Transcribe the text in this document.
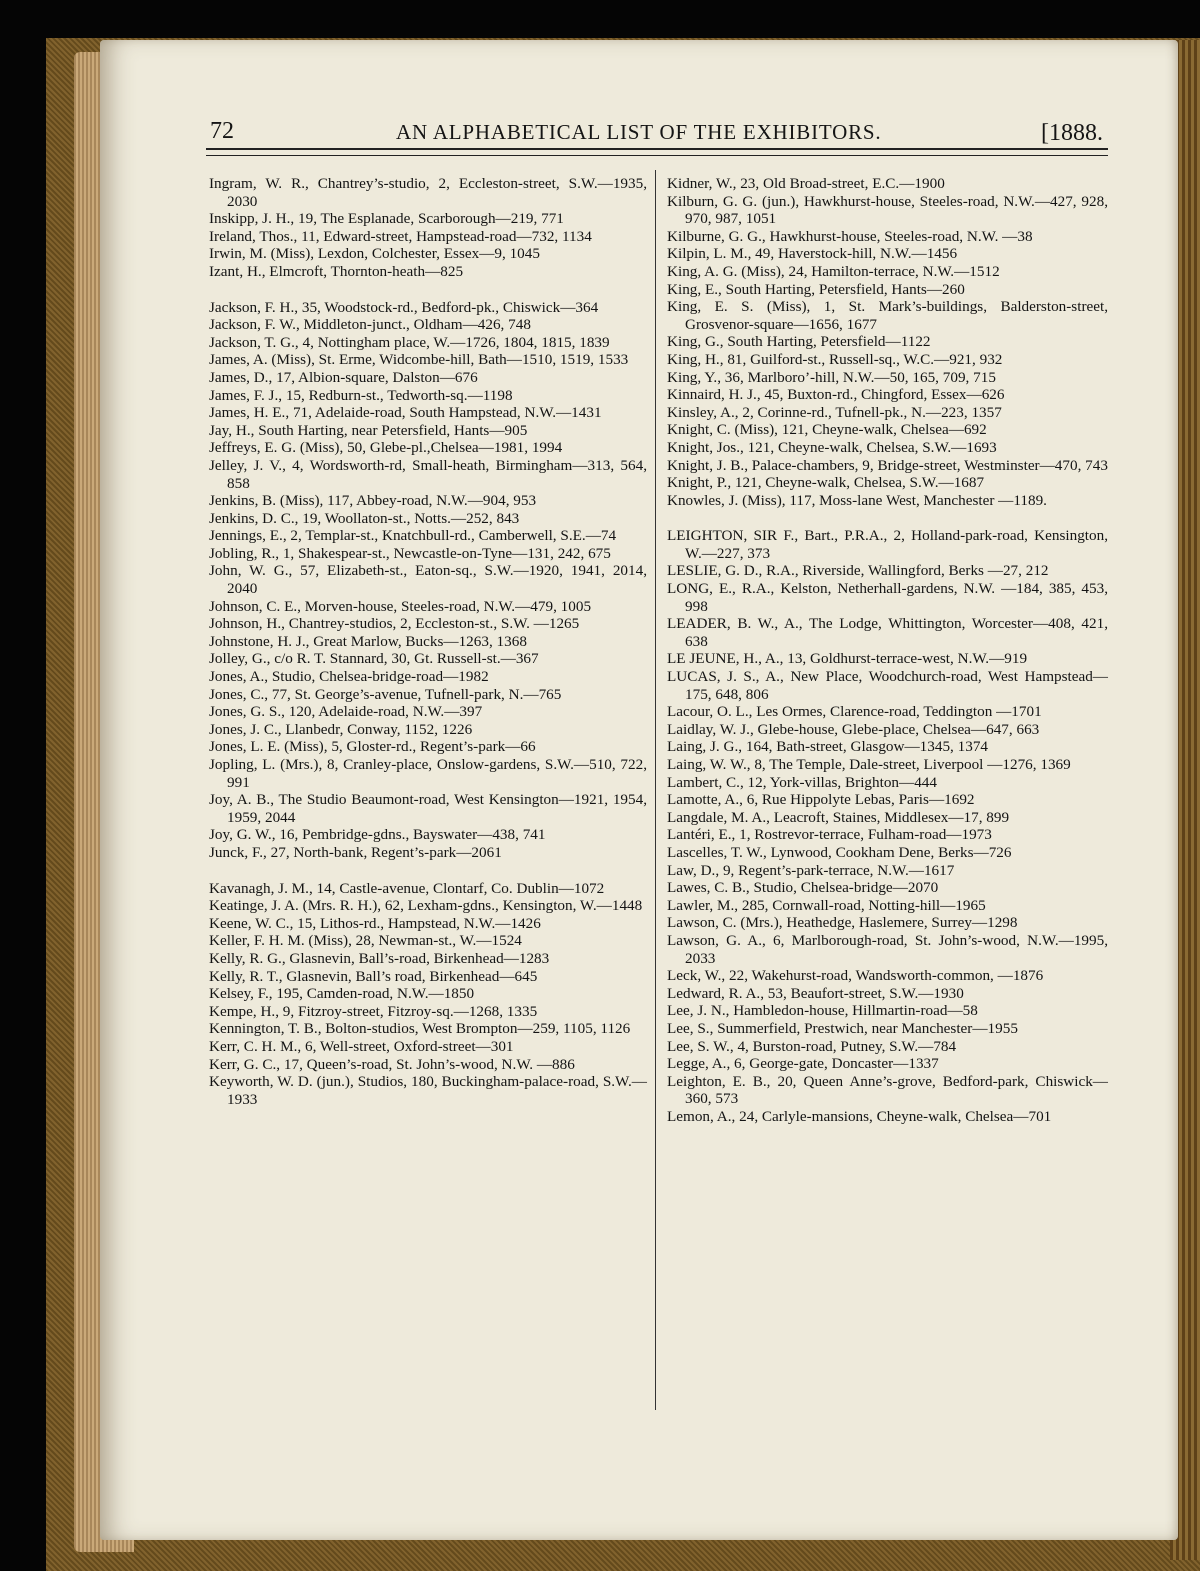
72	AN ALPHABETICAL LIST OF THE EXHIBITORS.	[1888.

Ingram, W. R., Chantrey’s-studio, 2, Eccleston-street, S.W.—1935, 2030

Inskipp, J. H., 19, The Esplanade, Scarborough—219, 771

Ireland, Thos., 11, Edward-street, Hampstead-road—732, 1134

Irwin, M. (Miss), Lexdon, Colchester, Essex—9, 1045

Izant, H., Elmcroft, Thornton-heath—825

Jackson, F. H., 35, Woodstock-rd., Bedford-pk., Chiswick—364

Jackson, F. W., Middleton-junct., Oldham—426, 748

Jackson, T. G., 4, Nottingham place, W.—1726, 1804, 1815, 1839

James, A. (Miss), St. Erme, Widcombe-hill, Bath—1510, 1519, 1533

James, D., 17, Albion-square, Dalston—676

James, F. J., 15, Redburn-st., Tedworth-sq.—1198

James, H. E., 71, Adelaide-road, South Hampstead, N.W.—1431

Jay, H., South Harting, near Petersfield, Hants—905

Jeffreys, E. G. (Miss), 50, Glebe-pl.,Chelsea—1981, 1994

Jelley, J. V., 4, Wordsworth-rd, Small-heath, Birmingham—313, 564, 858

Jenkins, B. (Miss), 117, Abbey-road, N.W.—904, 953

Jenkins, D. C., 19, Woollaton-st., Notts.—252, 843

Jennings, E., 2, Templar-st., Knatchbull-rd., Camberwell, S.E.—74

Jobling, R., 1, Shakespear-st., Newcastle-on-Tyne—131, 242, 675

John, W. G., 57, Elizabeth-st., Eaton-sq., S.W.—1920, 1941, 2014, 2040

Johnson, C. E., Morven-house, Steeles-road, N.W.—479, 1005

Johnson, H., Chantrey-studios, 2, Eccleston-st., S.W. —1265

Johnstone, H. J., Great Marlow, Bucks—1263, 1368

Jolley, G., c/o R. T. Stannard, 30, Gt. Russell-st.—367

Jones, A., Studio, Chelsea-bridge-road—1982

Jones, C., 77, St. George’s-avenue, Tufnell-park, N.—765

Jones, G. S., 120, Adelaide-road, N.W.—397

Jones, J. C., Llanbedr, Conway, 1152, 1226

Jones, L. E. (Miss), 5, Gloster-rd., Regent’s-park—66

Jopling, L. (Mrs.), 8, Cranley-place, Onslow-gardens, S.W.—510, 722, 991

Joy, A. B., The Studio Beaumont-road, West Kensington—1921, 1954, 1959, 2044

Joy, G. W., 16, Pembridge-gdns., Bayswater—438, 741

Junck, F., 27, North-bank, Regent’s-park—2061

Kavanagh, J. M., 14, Castle-avenue, Clontarf, Co. Dublin—1072

Keatinge, J. A. (Mrs. R. H.), 62, Lexham-gdns., Kensington, W.—1448

Keene, W. C., 15, Lithos-rd., Hampstead, N.W.—1426

Keller, F. H. M. (Miss), 28, Newman-st., W.—1524

Kelly, R. G., Glasnevin, Ball’s-road, Birkenhead—1283

Kelly, R. T., Glasnevin, Ball’s road, Birkenhead—645

Kelsey, F., 195, Camden-road, N.W.—1850

Kempe, H., 9, Fitzroy-street, Fitzroy-sq.—1268, 1335

Kennington, T. B., Bolton-studios, West Brompton—259, 1105, 1126

Kerr, C. H. M., 6, Well-street, Oxford-street—301

Kerr, G. C., 17, Queen’s-road, St. John’s-wood, N.W. —886

Keyworth, W. D. (jun.), Studios, 180, Buckingham-palace-road, S.W.—1933

Kidner, W., 23, Old Broad-street, E.C.—1900

Kilburn, G. G. (jun.), Hawkhurst-house, Steeles-road, N.W.—427, 928, 970, 987, 1051

Kilburne, G. G., Hawkhurst-house, Steeles-road, N.W. —38

Kilpin, L. M., 49, Haverstock-hill, N.W.—1456

King, A. G. (Miss), 24, Hamilton-terrace, N.W.—1512

King, E., South Harting, Petersfield, Hants—260

King, E. S. (Miss), 1, St. Mark’s-buildings, Balderston-street, Grosvenor-square—1656, 1677

King, G., South Harting, Petersfield—1122

King, H., 81, Guilford-st., Russell-sq., W.C.—921, 932

King, Y., 36, Marlboro’-hill, N.W.—50, 165, 709, 715

Kinnaird, H. J., 45, Buxton-rd., Chingford, Essex—626

Kinsley, A., 2, Corinne-rd., Tufnell-pk., N.—223, 1357

Knight, C. (Miss), 121, Cheyne-walk, Chelsea—692

Knight, Jos., 121, Cheyne-walk, Chelsea, S.W.—1693

Knight, J. B., Palace-chambers, 9, Bridge-street, Westminster—470, 743

Knight, P., 121, Cheyne-walk, Chelsea, S.W.—1687

Knowles, J. (Miss), 117, Moss-lane West, Manchester —1189.

LEIGHTON, SIR F., Bart., P.R.A., 2, Holland-park-road, Kensington, W.—227, 373

LESLIE, G. D., R.A., Riverside, Wallingford, Berks —27, 212

LONG, E., R.A., Kelston, Netherhall-gardens, N.W. —184, 385, 453, 998

LEADER, B. W., A., The Lodge, Whittington, Worcester—408, 421, 638

LE JEUNE, H., A., 13, Goldhurst-terrace-west, N.W.—919

LUCAS, J. S., A., New Place, Woodchurch-road, West Hampstead—175, 648, 806

Lacour, O. L., Les Ormes, Clarence-road, Teddington —1701

Laidlay, W. J., Glebe-house, Glebe-place, Chelsea—647, 663

Laing, J. G., 164, Bath-street, Glasgow—1345, 1374

Laing, W. W., 8, The Temple, Dale-street, Liverpool —1276, 1369

Lambert, C., 12, York-villas, Brighton—444

Lamotte, A., 6, Rue Hippolyte Lebas, Paris—1692

Langdale, M. A., Leacroft, Staines, Middlesex—17, 899

Lantéri, E., 1, Rostrevor-terrace, Fulham-road—1973

Lascelles, T. W., Lynwood, Cookham Dene, Berks—726

Law, D., 9, Regent’s-park-terrace, N.W.—1617

Lawes, C. B., Studio, Chelsea-bridge—2070

Lawler, M., 285, Cornwall-road, Notting-hill—1965

Lawson, C. (Mrs.), Heathedge, Haslemere, Surrey—1298

Lawson, G. A., 6, Marlborough-road, St. John’s-wood, N.W.—1995, 2033

Leck, W., 22, Wakehurst-road, Wandsworth-common, —1876

Ledward, R. A., 53, Beaufort-street, S.W.—1930

Lee, J. N., Hambledon-house, Hillmartin-road—58

Lee, S., Summerfield, Prestwich, near Manchester—1955

Lee, S. W., 4, Burston-road, Putney, S.W.—784

Legge, A., 6, George-gate, Doncaster—1337

Leighton, E. B., 20, Queen Anne’s-grove, Bedford-park, Chiswick—360, 573

Lemon, A., 24, Carlyle-mansions, Cheyne-walk, Chelsea—701
